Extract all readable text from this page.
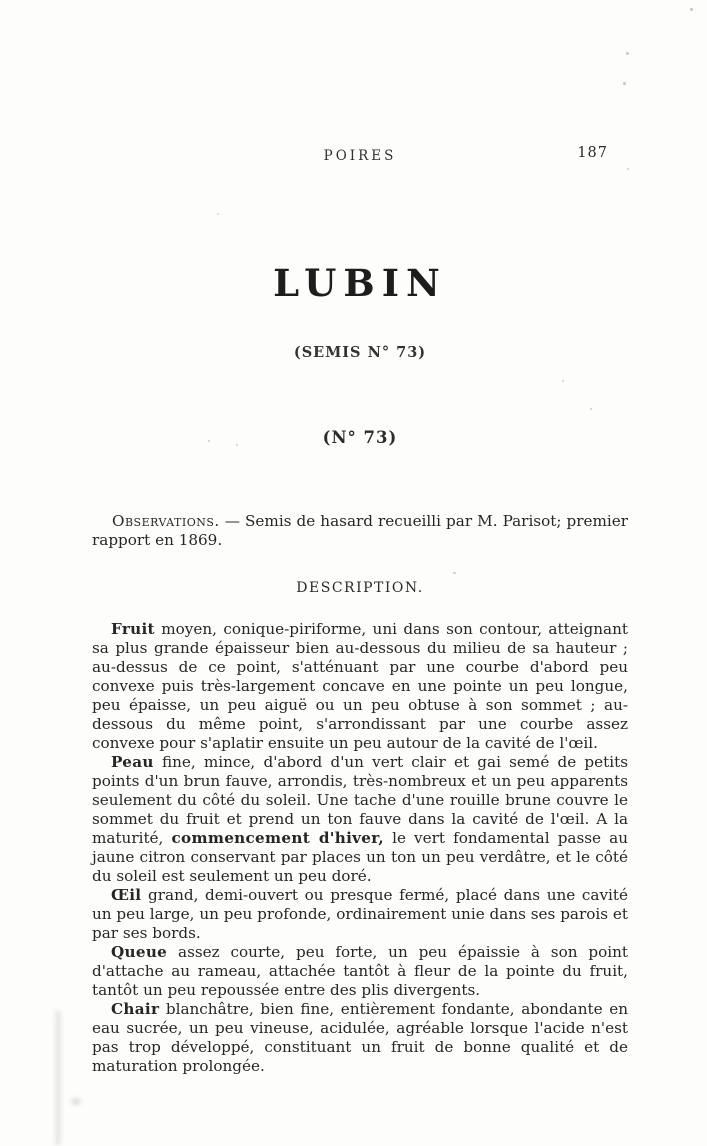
POIRES	187
LUBIN
(SEMIS N° 73)
(N° 73)

Observations. — Semis de hasard recueilli par M. Parisot; premier rapport en 1869.

DESCRIPTION.

Fruit moyen, conique-piriforme, uni dans son contour, atteignant sa plus grande épaisseur bien au-dessous du milieu de sa hauteur ; au-dessus de ce point, s'atténuant par une courbe d'abord peu convexe puis très-largement concave en une pointe un peu longue, peu épaisse, un peu aiguë ou un peu obtuse à son sommet ; au-dessous du même point, s'arrondissant par une courbe assez convexe pour s'aplatir ensuite un peu autour de la cavité de l'œil.

Peau fine, mince, d'abord d'un vert clair et gai semé de petits points d'un brun fauve, arrondis, très-nombreux et un peu apparents seulement du côté du soleil. Une tache d'une rouille brune couvre le sommet du fruit et prend un ton fauve dans la cavité de l'œil. A la maturité, commencement d'hiver, le vert fondamental passe au jaune citron conservant par places un ton un peu verdâtre, et le côté du soleil est seulement un peu doré.

Œil grand, demi-ouvert ou presque fermé, placé dans une cavité un peu large, un peu profonde, ordinairement unie dans ses parois et par ses bords.

Queue assez courte, peu forte, un peu épaissie à son point d'attache au rameau, attachée tantôt à fleur de la pointe du fruit, tantôt un peu repoussée entre des plis divergents.

Chair blanchâtre, bien fine, entièrement fondante, abondante en eau sucrée, un peu vineuse, acidulée, agréable lorsque l'acide n'est pas trop développé, constituant un fruit de bonne qualité et de maturation prolongée.
